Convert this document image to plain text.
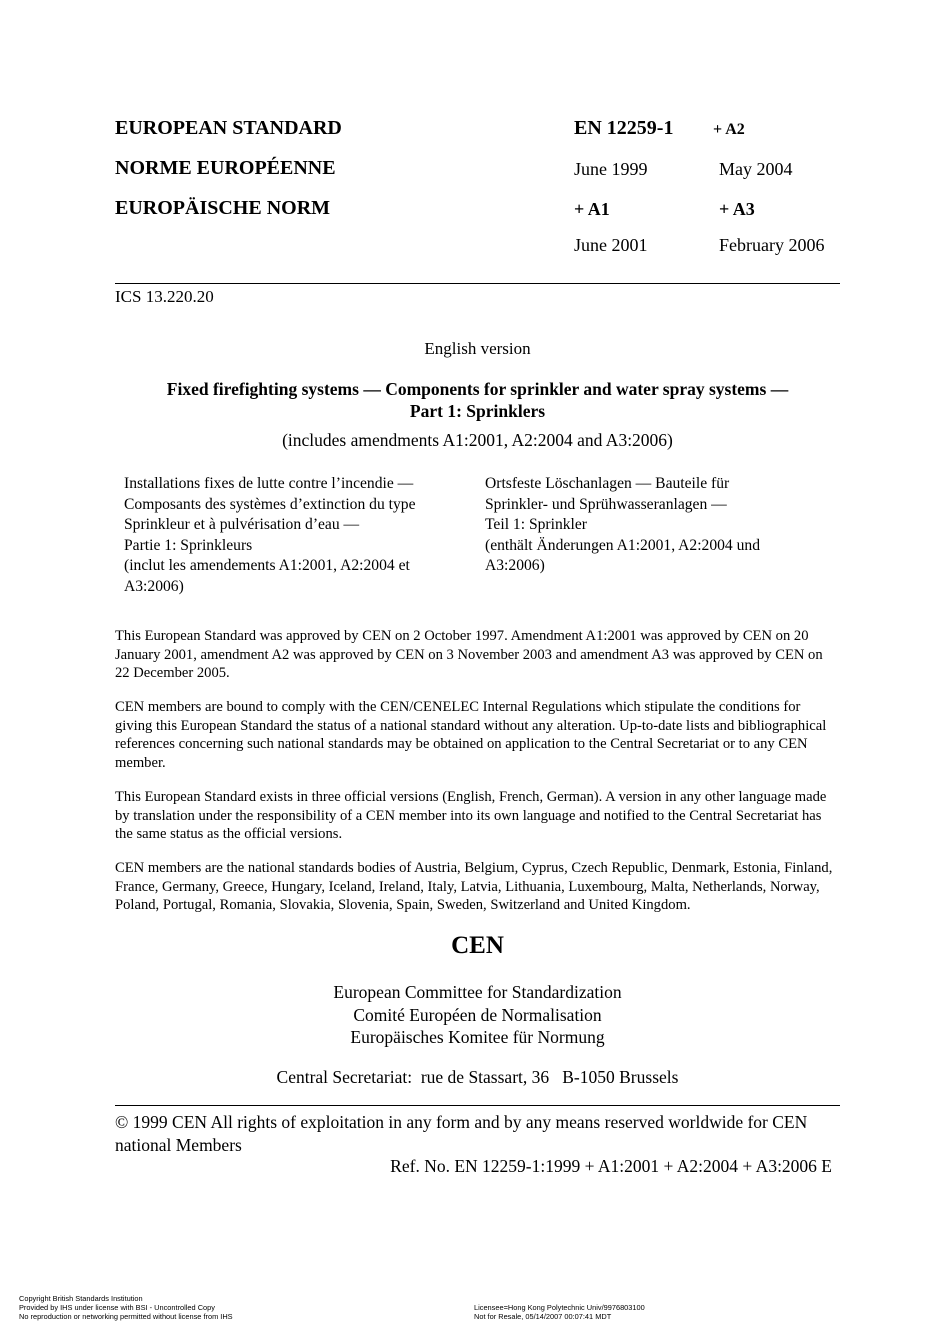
EUROPEAN STANDARD
NORME EUROPÉENNE
EUROPÄISCHE NORM
EN 12259-1 + A2
June 1999	May 2004
+ A1	+ A3
June 2001	February 2006
ICS 13.220.20
English version
Fixed firefighting systems — Components for sprinkler and water spray systems —
Part 1: Sprinklers
(includes amendments A1:2001, A2:2004 and A3:2006)
Installations fixes de lutte contre l’incendie —
Composants des systèmes d’extinction du type
Sprinkleur et à pulvérisation d’eau —
Partie 1: Sprinkleurs
(inclut les amendements A1:2001, A2:2004 et
A3:2006)
Ortsfeste Löschanlagen — Bauteile für
Sprinkler- und Sprühwasseranlagen —
Teil 1: Sprinkler
(enthält Änderungen A1:2001, A2:2004 und
A3:2006)
This European Standard was approved by CEN on 2 October 1997. Amendment A1:2001 was approved by CEN on 20 January 2001, amendment A2 was approved by CEN on 3 November 2003 and amendment A3 was approved by CEN on 22 December 2005.
CEN members are bound to comply with the CEN/CENELEC Internal Regulations which stipulate the conditions for giving this European Standard the status of a national standard without any alteration. Up-to-date lists and bibliographical references concerning such national standards may be obtained on application to the Central Secretariat or to any CEN member.
This European Standard exists in three official versions (English, French, German). A version in any other language made by translation under the responsibility of a CEN member into its own language and notified to the Central Secretariat has the same status as the official versions.
CEN members are the national standards bodies of Austria, Belgium, Cyprus, Czech Republic, Denmark, Estonia, Finland, France, Germany, Greece, Hungary, Iceland, Ireland, Italy, Latvia, Lithuania, Luxembourg, Malta, Netherlands, Norway, Poland, Portugal, Romania, Slovakia, Slovenia, Spain, Sweden, Switzerland and United Kingdom.
CEN
European Committee for Standardization
Comité Européen de Normalisation
Europäisches Komitee für Normung
Central Secretariat:  rue de Stassart, 36   B-1050 Brussels
© 1999 CEN All rights of exploitation in any form and by any means reserved worldwide for CEN national Members
Ref. No. EN 12259-1:1999 + A1:2001 + A2:2004 + A3:2006 E
Copyright British Standards Institution
Provided by IHS under license with BSI - Uncontrolled Copy
No reproduction or networking permitted without license from IHS
Licensee=Hong Kong Polytechnic Univ/9976803100
Not for Resale, 05/14/2007 00:07:41 MDT
